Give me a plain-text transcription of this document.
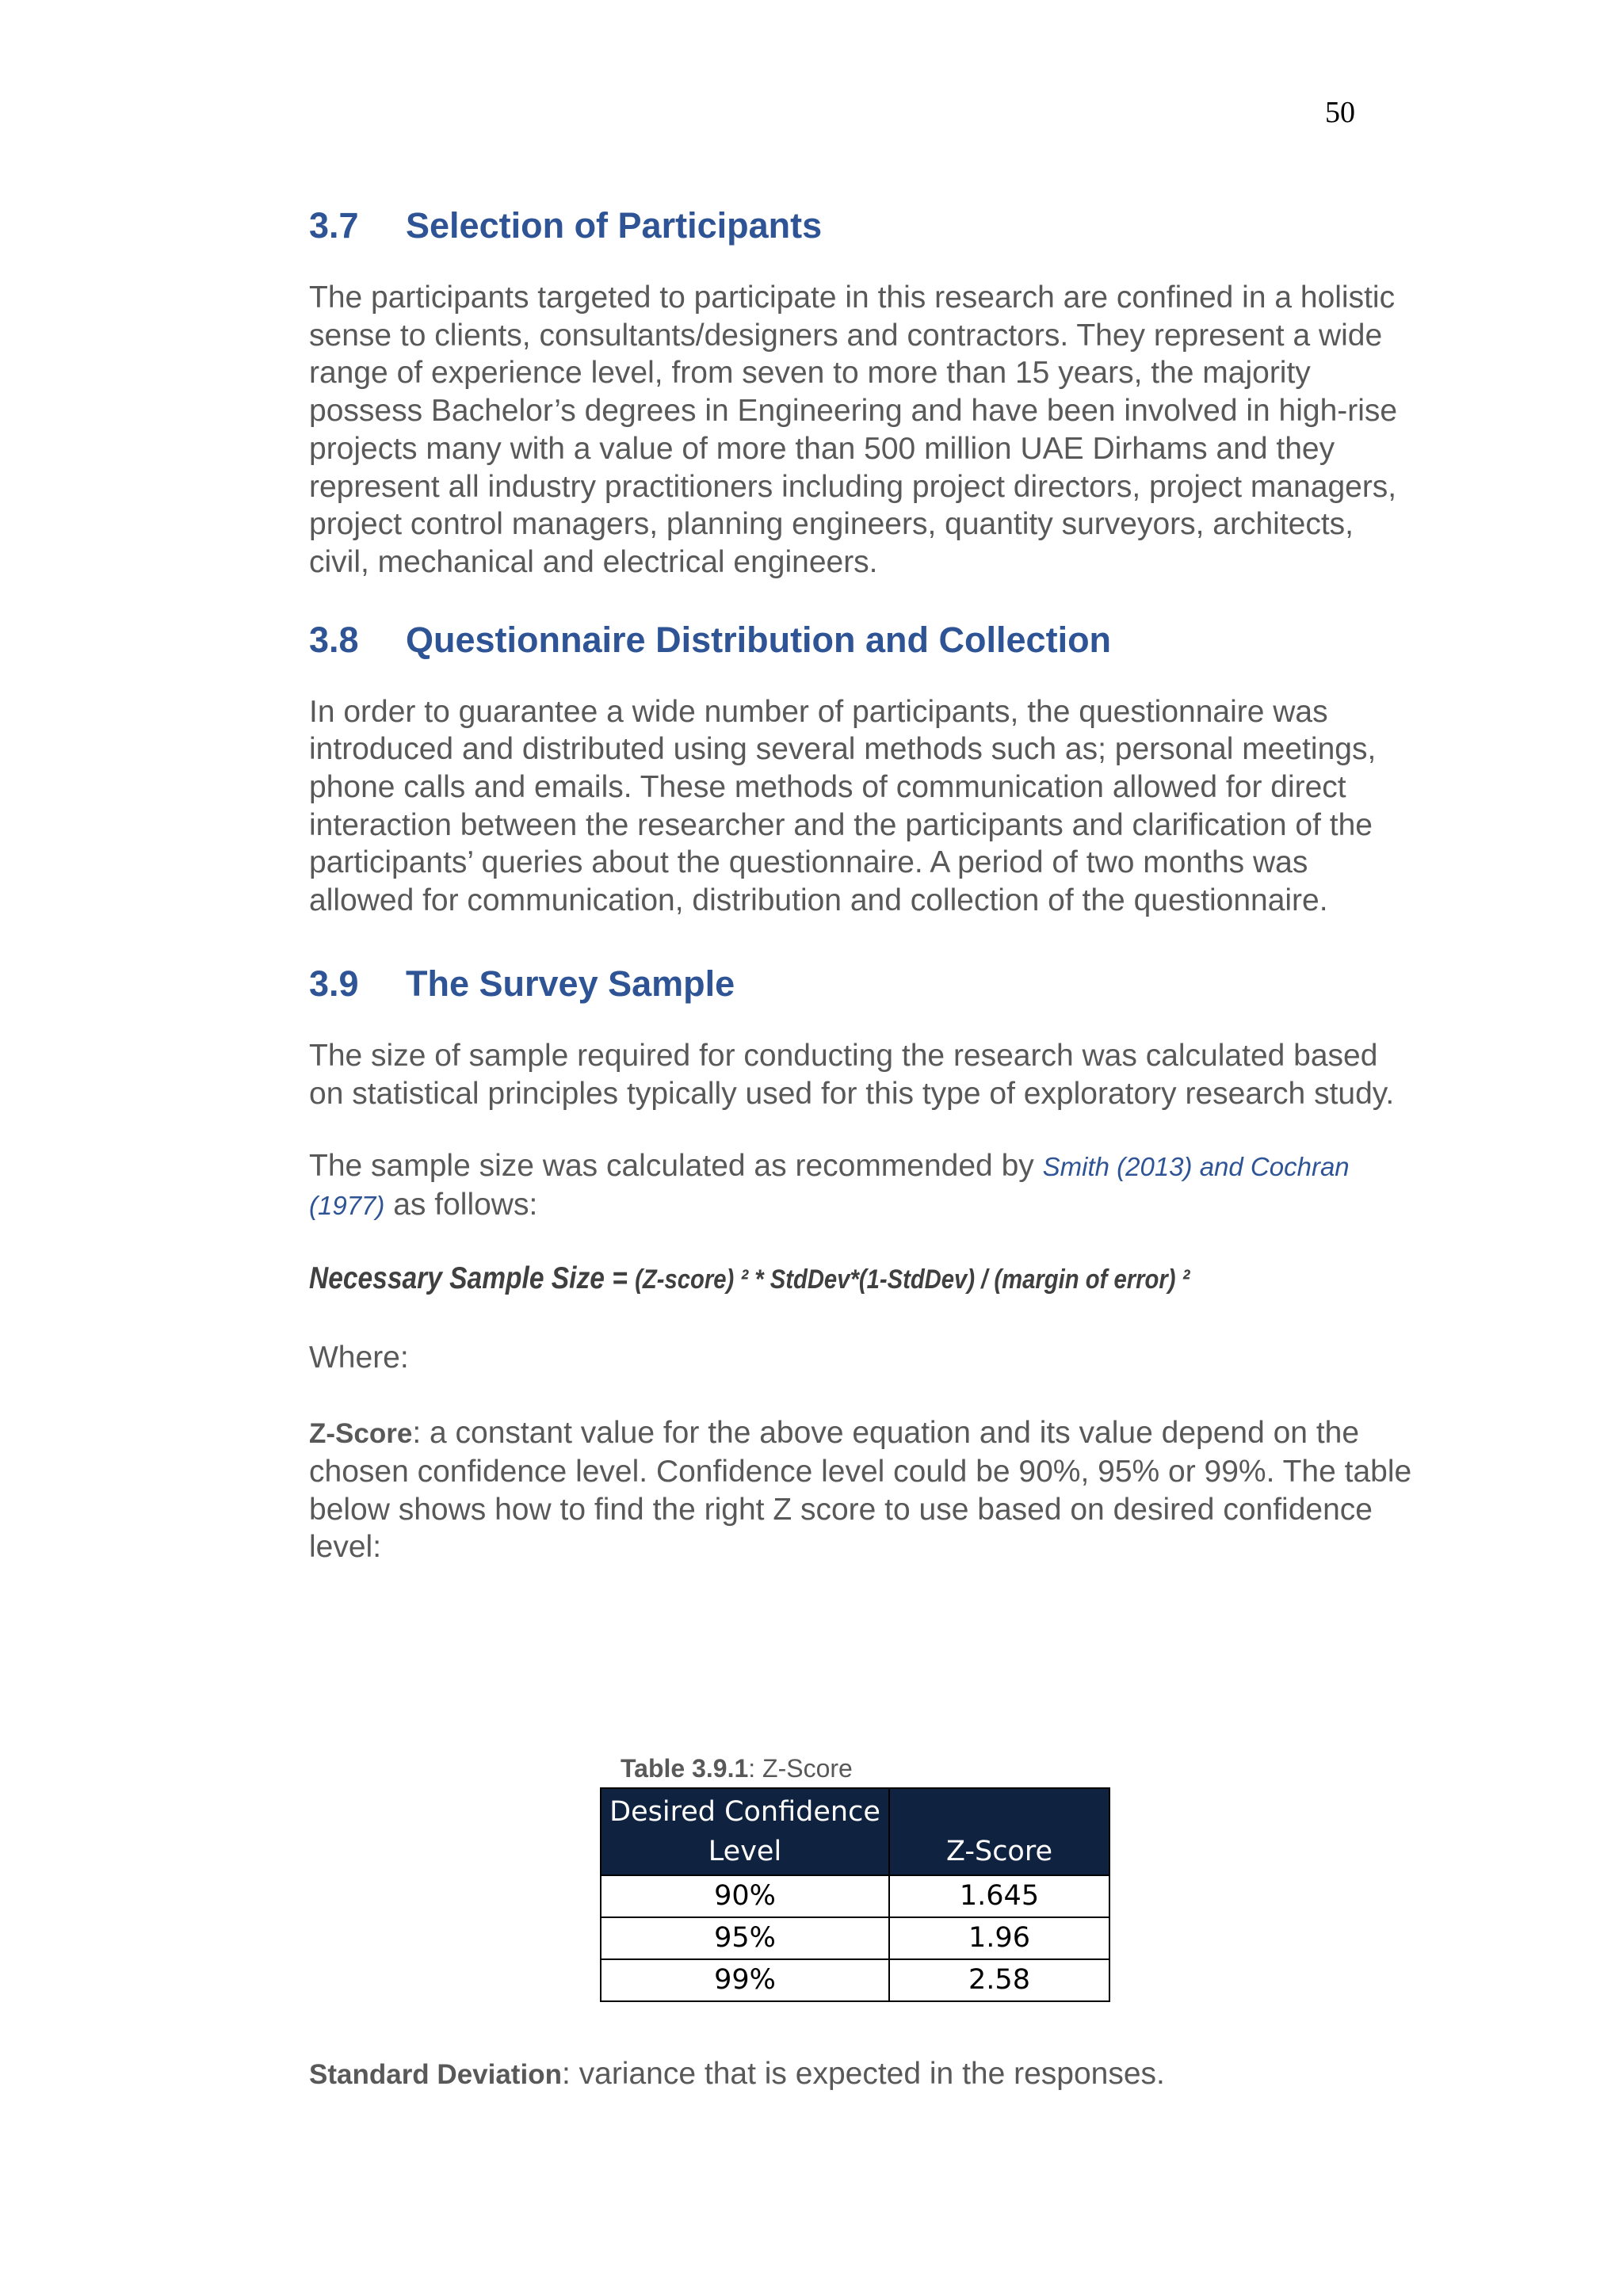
50
3.7	Selection of Participants

The participants targeted to participate in this research are confined in a holistic sense to clients, consultants/designers and contractors. They represent a wide range of experience level, from seven to more than 15 years, the majority possess Bachelor’s degrees in Engineering and have been involved in high-rise projects many with a value of more than 500 million UAE Dirhams and they represent all industry practitioners including project directors, project managers, project control managers, planning engineers, quantity surveyors, architects, civil, mechanical and electrical engineers.

3.8	Questionnaire Distribution and Collection

In order to guarantee a wide number of participants, the questionnaire was introduced and distributed using several methods such as; personal meetings, phone calls and emails. These methods of communication allowed for direct interaction between the researcher and the participants and clarification of the participants’ queries about the questionnaire. A period of two months was allowed for communication, distribution and collection of the questionnaire.

3.9	The Survey Sample

The size of sample required for conducting the research was calculated based on statistical principles typically used for this type of exploratory research study.

The sample size was calculated as recommended by Smith (2013) and Cochran (1977) as follows:

Necessary Sample Size = (Z-score) ² * StdDev*(1-StdDev) / (margin of error) ²

Where:

Z-Score: a constant value for the above equation and its value depend on the chosen confidence level. Confidence level could be 90%, 95% or 99%. The table below shows how to find the right Z score to use based on desired confidence level:

Table 3.9.1: Z-Score
Desired Confidence Level	Z-Score
90%	1.645
95%	1.96
99%	2.58

Standard Deviation: variance that is expected in the responses.
